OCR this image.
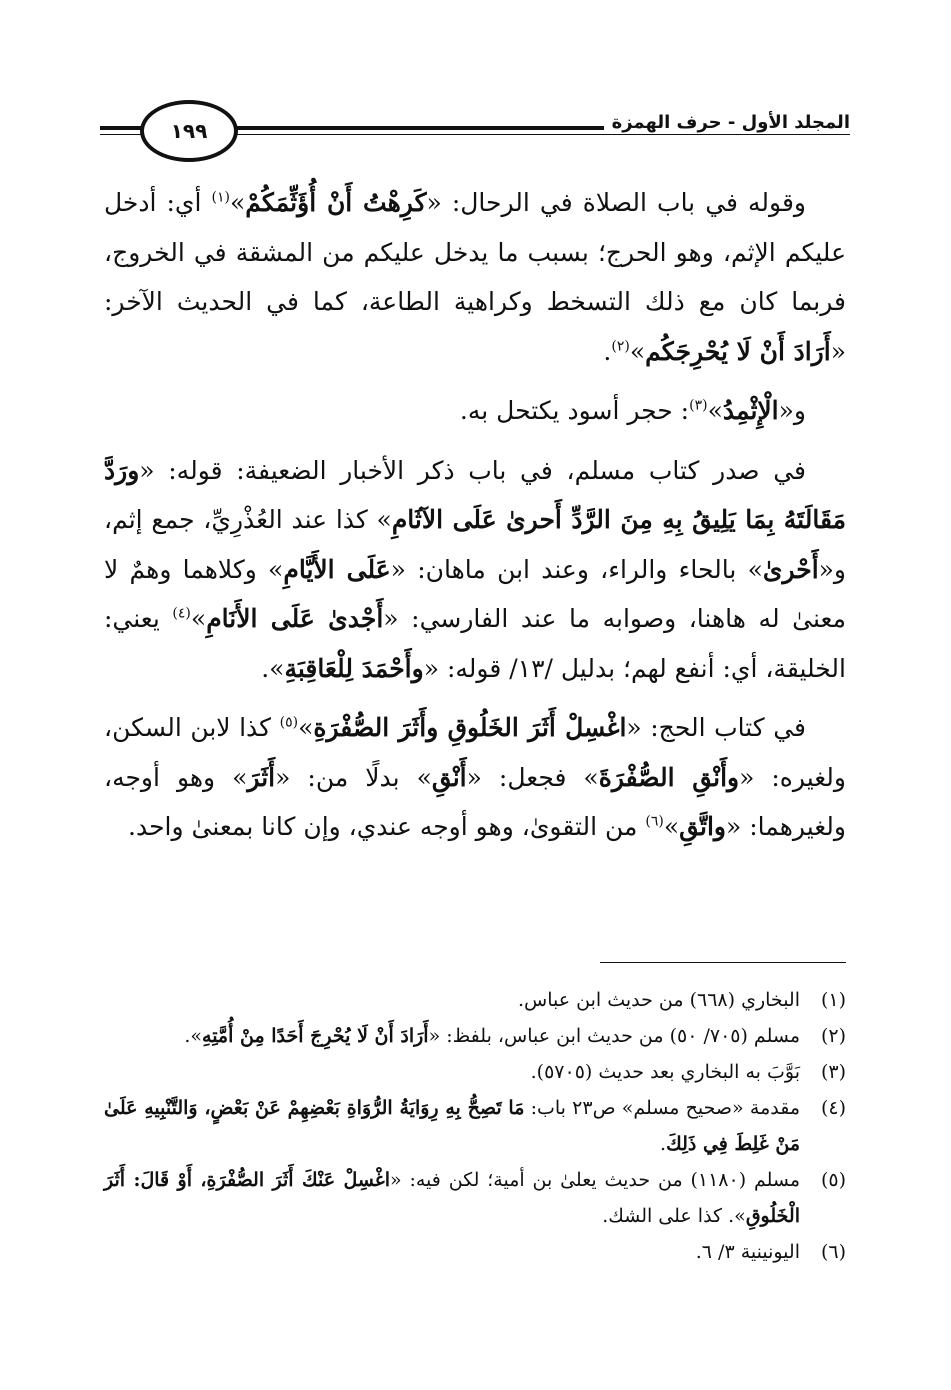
المجلد الأول - حرف الهمزة
١٩٩

وقوله في باب الصلاة في الرحال: «كَرِهْتُ أَنْ أُؤَثِّمَكُمْ»$^{(١)}$ أي: أدخل عليكم الإثم، وهو الحرج؛ بسبب ما يدخل عليكم من المشقة في الخروج، فربما كان مع ذلك التسخط وكراهية الطاعة، كما في الحديث الآخر: «أَرَادَ أَنْ لَا يُحْرِجَكُم»$^{(٢)}$.

و«الْإِثْمِدُ»$^{(٣)}$: حجر أسود يكتحل به.

في صدر كتاب مسلم، في باب ذكر الأخبار الضعيفة: قوله: «ورَدَّ مَقَالَتَهُ بِمَا يَلِيقُ بِهِ مِنَ الرَّدِّ أَحرىٰ عَلَى الآثَامِ» كذا عند العُذْرِيِّ، جمع إثم، و«أَحْرىٰ» بالحاء والراء، وعند ابن ماهان: «عَلَى الأَيَّامِ» وكلاهما وهمٌ لا معنىٰ له هاهنا، وصوابه ما عند الفارسي: «أَجْدىٰ عَلَى الأَنَامِ»$^{(٤)}$ يعني: الخليقة، أي: أنفع لهم؛ بدليل /١٣/ قوله: «وأَحْمَدَ لِلْعَاقِبَةِ».

في كتاب الحج: «اغْسِلْ أَثَرَ الخَلُوقِ وأَثَرَ الصُّفْرَةِ»$^{(٥)}$ كذا لابن السكن، ولغيره: «وأَنْقِ الصُّفْرَةَ» فجعل: «أَنْقِ» بدلًا من: «أَثَرَ» وهو أوجه، ولغيرهما: «واتَّقِ»$^{(٦)}$ من التقوىٰ، وهو أوجه عندي، وإن كانا بمعنىٰ واحد.

(١)
البخاري (٦٦٨) من حديث ابن عباس.
(٢)
مسلم (٧٠٥/ ٥٠) من حديث ابن عباس، بلفظ: «أَرَادَ أَنْ لَا يُحْرِجَ أَحَدًا مِنْ أُمَّتِهِ».
(٣)
بَوَّبَ به البخاري بعد حديث (٥٧٠٥).
(٤)
مقدمة «صحيح مسلم» ص٢٣ باب: مَا تَصِحُّ بِهِ رِوَايَةُ الرُّوَاةِ بَعْضِهِمْ عَنْ بَعْضٍ، وَالتَّنْبِيهِ عَلَىٰ مَنْ غَلِطَ فِي ذَلِكَ.
(٥)
مسلم (١١٨٠) من حديث يعلىٰ بن أمية؛ لكن فيه: «اغْسِلْ عَنْكَ أَثَرَ الصُّفْرَةِ، أَوْ قَالَ: أَثَرَ الْخَلُوقِ». كذا على الشك.
(٦)
اليونينية ٣/ ٦.
